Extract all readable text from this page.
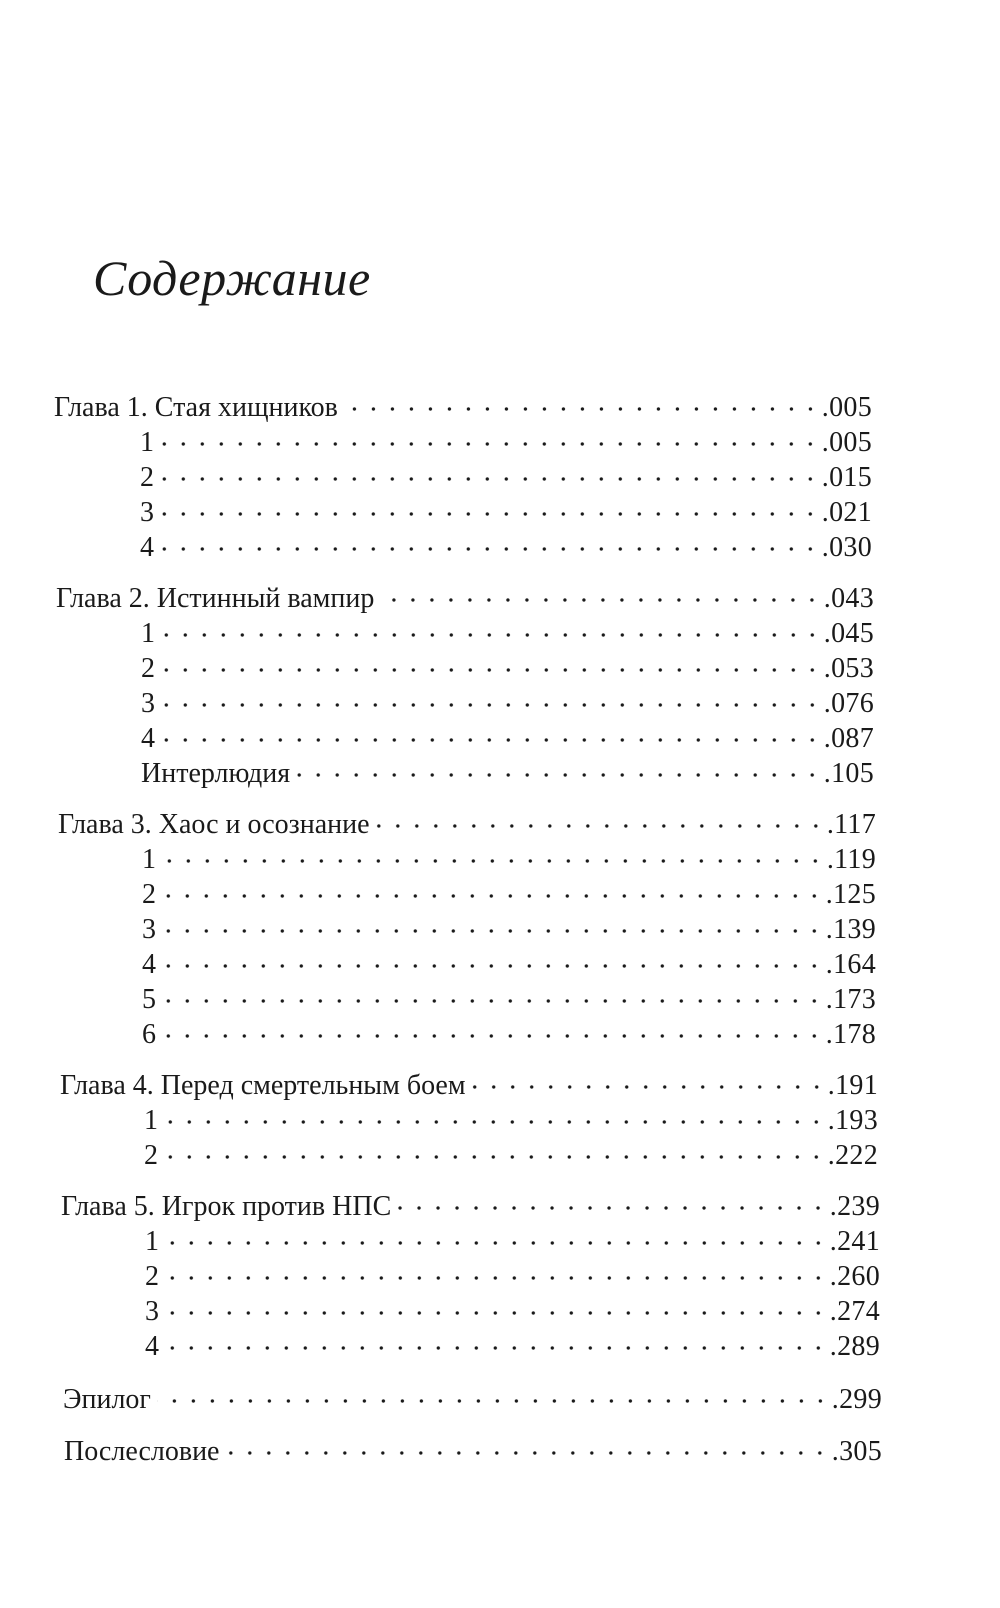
Содержание
Глава 1. Стая хищников	.005
1	.005
2	.015
3	.021
4	.030
Глава 2. Истинный вампир	.043
1	.045
2	.053
3	.076
4	.087
Интерлюдия	.105
Глава 3. Хаос и осознание	.117
1	.119
2	.125
3	.139
4	.164
5	.173
6	.178
Глава 4. Перед смертельным боем	.191
1	.193
2	.222
Глава 5. Игрок против НПС	.239
1	.241
2	.260
3	.274
4	.289
Эпилог	.299
Послесловие	.305
